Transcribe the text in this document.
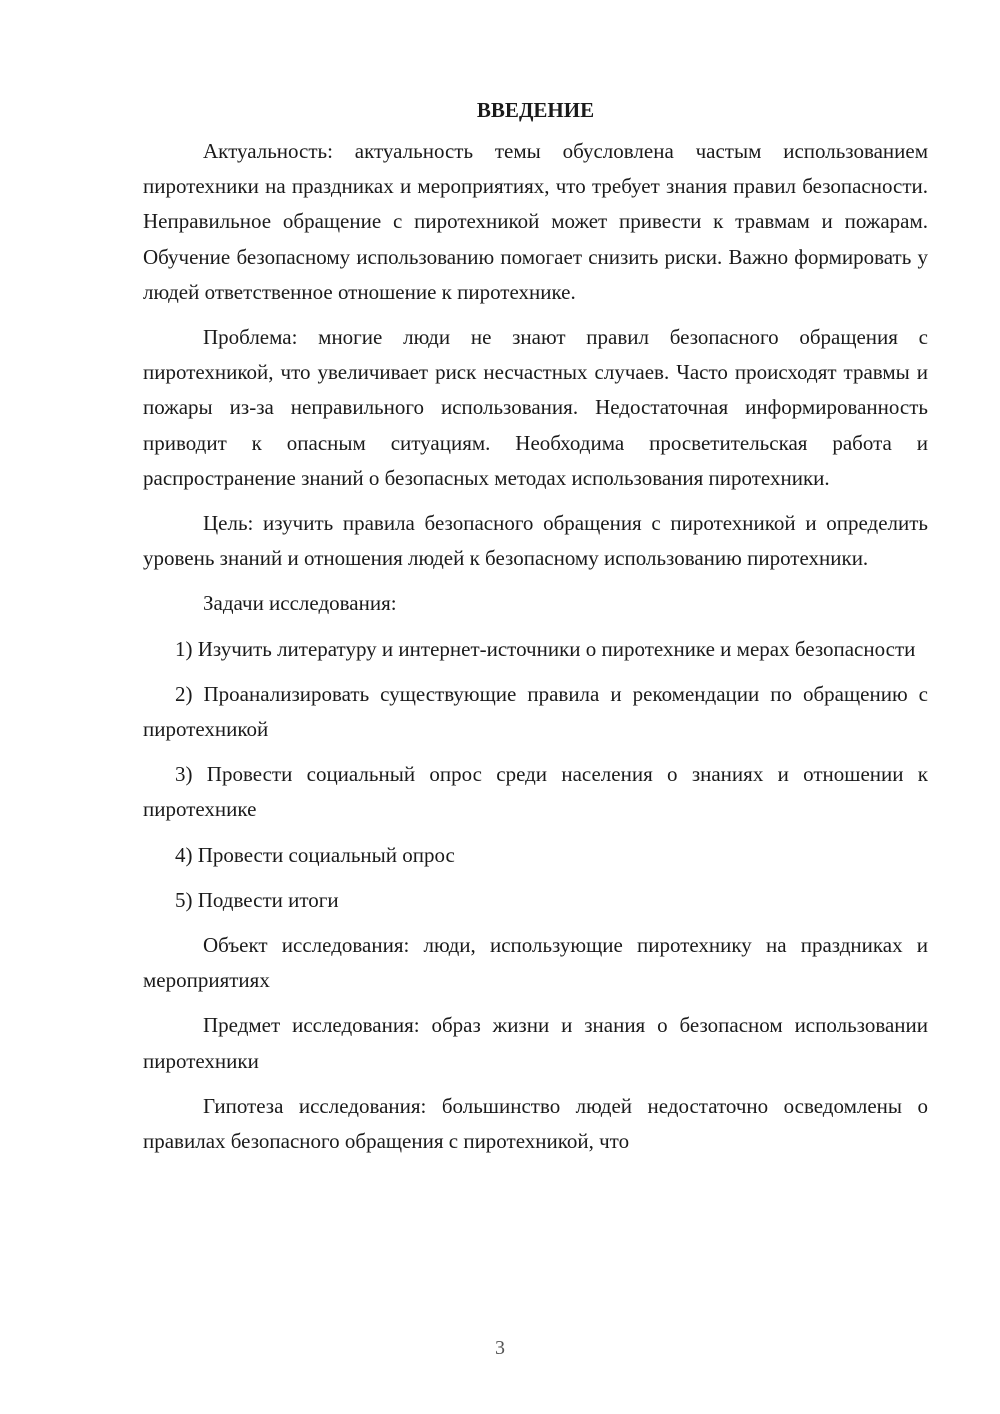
ВВЕДЕНИЕ

Актуальность: актуальность темы обусловлена частым использованием пиротехники на праздниках и мероприятиях, что требует знания правил безопасности. Неправильное обращение с пиротехникой может привести к травмам и пожарам. Обучение безопасному использованию помогает снизить риски. Важно формировать у людей ответственное отношение к пиротехнике.

Проблема: многие люди не знают правил безопасного обращения с пиротехникой, что увеличивает риск несчастных случаев. Часто происходят травмы и пожары из-за неправильного использования. Недостаточная информированность приводит к опасным ситуациям. Необходима просветительская работа и распространение знаний о безопасных методах использования пиротехники.

Цель: изучить правила безопасного обращения с пиротехникой и определить уровень знаний и отношения людей к безопасному использованию пиротехники.

Задачи исследования:

1) Изучить литературу и интернет-источники о пиротехнике и мерах безопасности

2) Проанализировать существующие правила и рекомендации по обращению с пиротехникой

3) Провести социальный опрос среди населения о знаниях и отношении к пиротехнике

4) Провести социальный опрос

5) Подвести итоги

Объект исследования: люди, использующие пиротехнику на праздниках и мероприятиях

Предмет исследования: образ жизни и знания о безопасном использовании пиротехники

Гипотеза исследования: большинство людей недостаточно осведомлены о правилах безопасного обращения с пиротехникой, что

3
